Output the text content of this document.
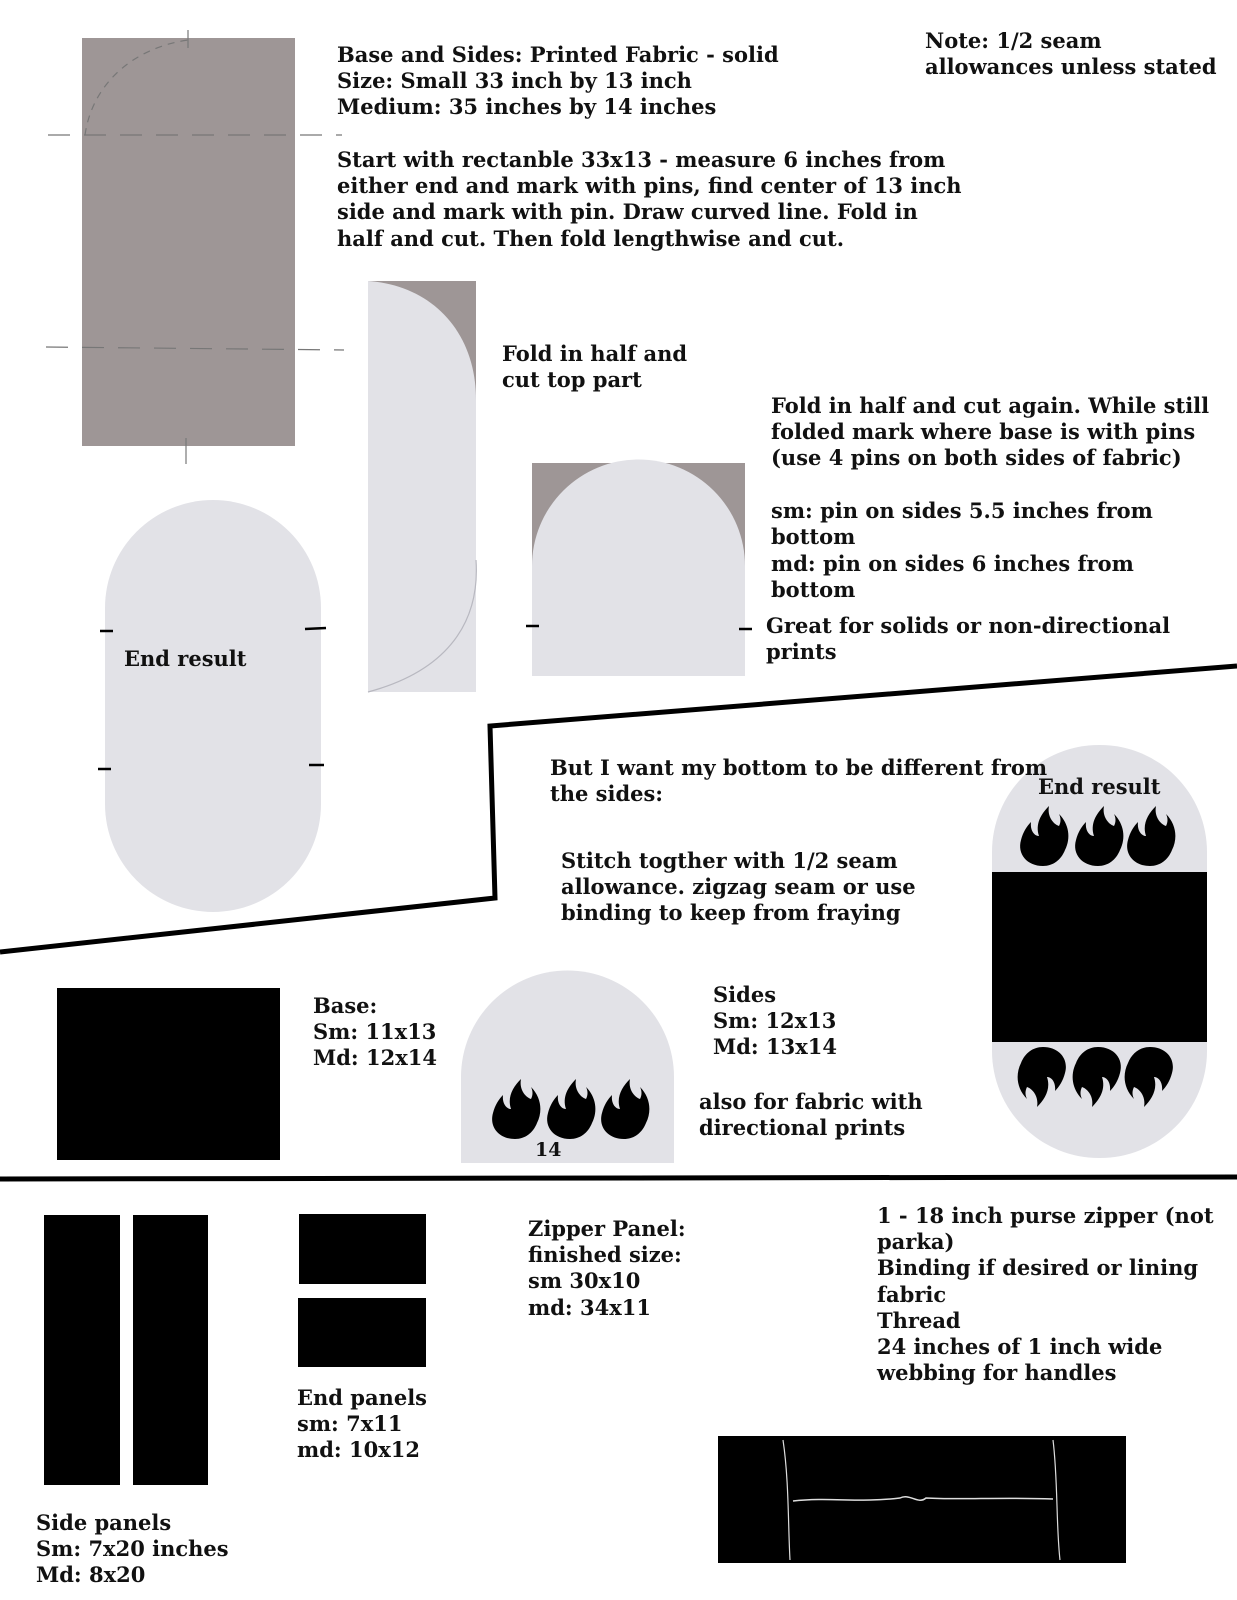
Base and Sides: Printed Fabric - solid

Size: Small 33 inch by 13 inch

Medium: 35 inches by 14 inches

Note: 1/2 seam
allowances unless stated

Start with rectanble 33x13 - measure 6 inches from
either end and mark with pins, find center of 13 inch
side and mark with pin. Draw curved line. Fold in
half and cut. Then fold lengthwise and cut.

Fold in half and
cut top part

Fold in half and cut again. While still
folded mark where base is with pins
(use 4 pins on both sides of fabric)

sm: pin on sides 5.5 inches from
bottom

md: pin on sides 6 inches from
bottom

Great for solids or non-directional
prints

End result

But I want my bottom to be different from
the sides:	End result

Stitch togther with 1/2 seam
allowance. zigzag seam or use
binding to keep from fraying

Base:
Sm: 11x13
Md: 12x14

Sides
Sm: 12x13
Md: 13x14

also for fabric with
directional prints

14

Zipper Panel:
finished size:
sm 30x10
md: 34x11

1 - 18 inch purse zipper (not
parka)
Binding if desired or lining
fabric
Thread
24 inches of 1 inch wide
webbing for handles

End panels
sm: 7x11
md: 10x12

Side panels
Sm: 7x20 inches
Md: 8x20
